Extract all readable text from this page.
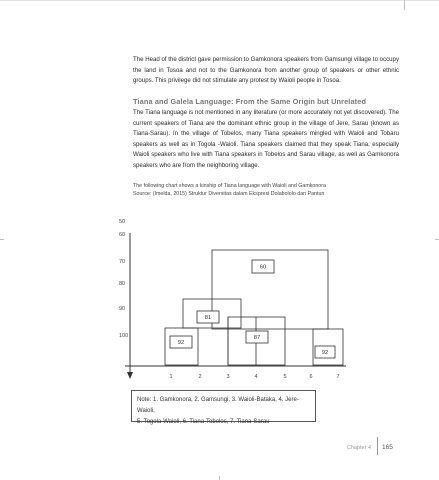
The Head of the district gave permission to Gamkonora speakers from Gamsungi village to occupy the land in Tosoa and not to the Gamkonora from another group of speakers or other ethnic groups. This privilege did not stimulate any protest by Waioli people in Tosoa.

Tiana and Galela Language: From the Same Origin but Unrelated

The Tiana language is not mentioned in any literature (or more accurately not yet discovered). The current speakers of Tiana are the dominant ethnic group in the village of Jere, Sarau (known as Tiana-Sarau). In the village of Tobelos, many Tiana speakers mingled with Waioli and Tobaru speakers as well as in Togola -Waioli. Tiana speakers claimed that they speak Tiana, especially Waioli speakers who live with Tiana speakers in Tobelos and Sarau village, as well as Gamkonora speakers who are from the neighboring village.

The following chart shows a kinship of Tiana language with Waioli and Gamkonora

Source: (Imelda, 2015) Struktur Diversitas dalam Ekspresi Dolabololo dan Pantun

50
60
70
80
90
100
1	2	3	4	5	6	7
92
92
87
81
60
Note: 1. Gamkonora, 2. Gamsungi, 3. Waioli-Bataka, 4. Jere-Waioli,
5. Togola-Waioli, 6. Tiana-Tobelos, 7. Tiana-Sarau
Chapter 4 165
